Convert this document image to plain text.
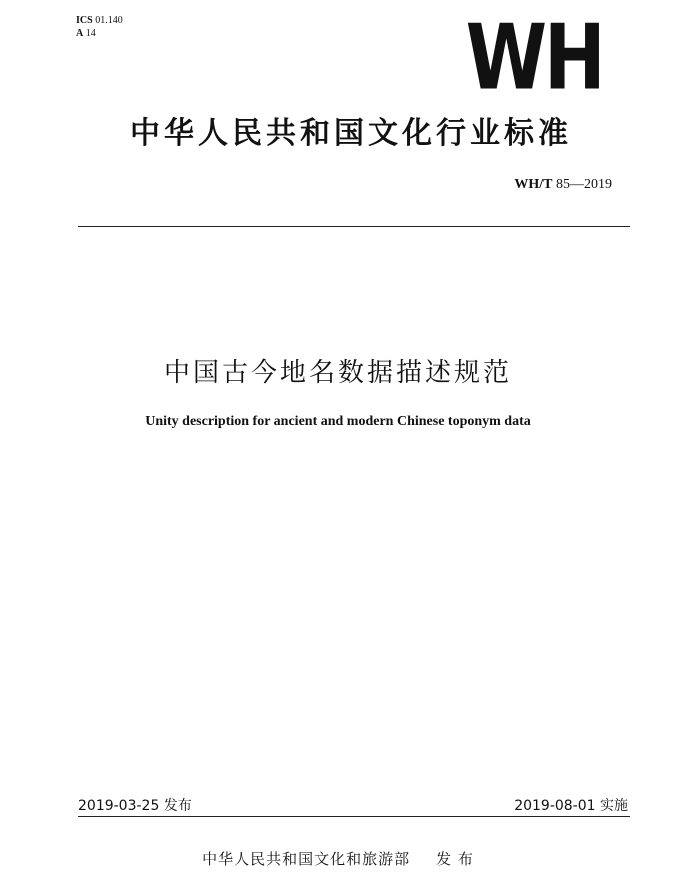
ICS 01.140
A 14	WH
中华人民共和国文化行业标准
WH/T 85—2019
中国古今地名数据描述规范
Unity description for ancient and modern Chinese toponym data
2019-03-25 发布	2019-08-01 实施
中华人民共和国文化和旅游部 发 布
